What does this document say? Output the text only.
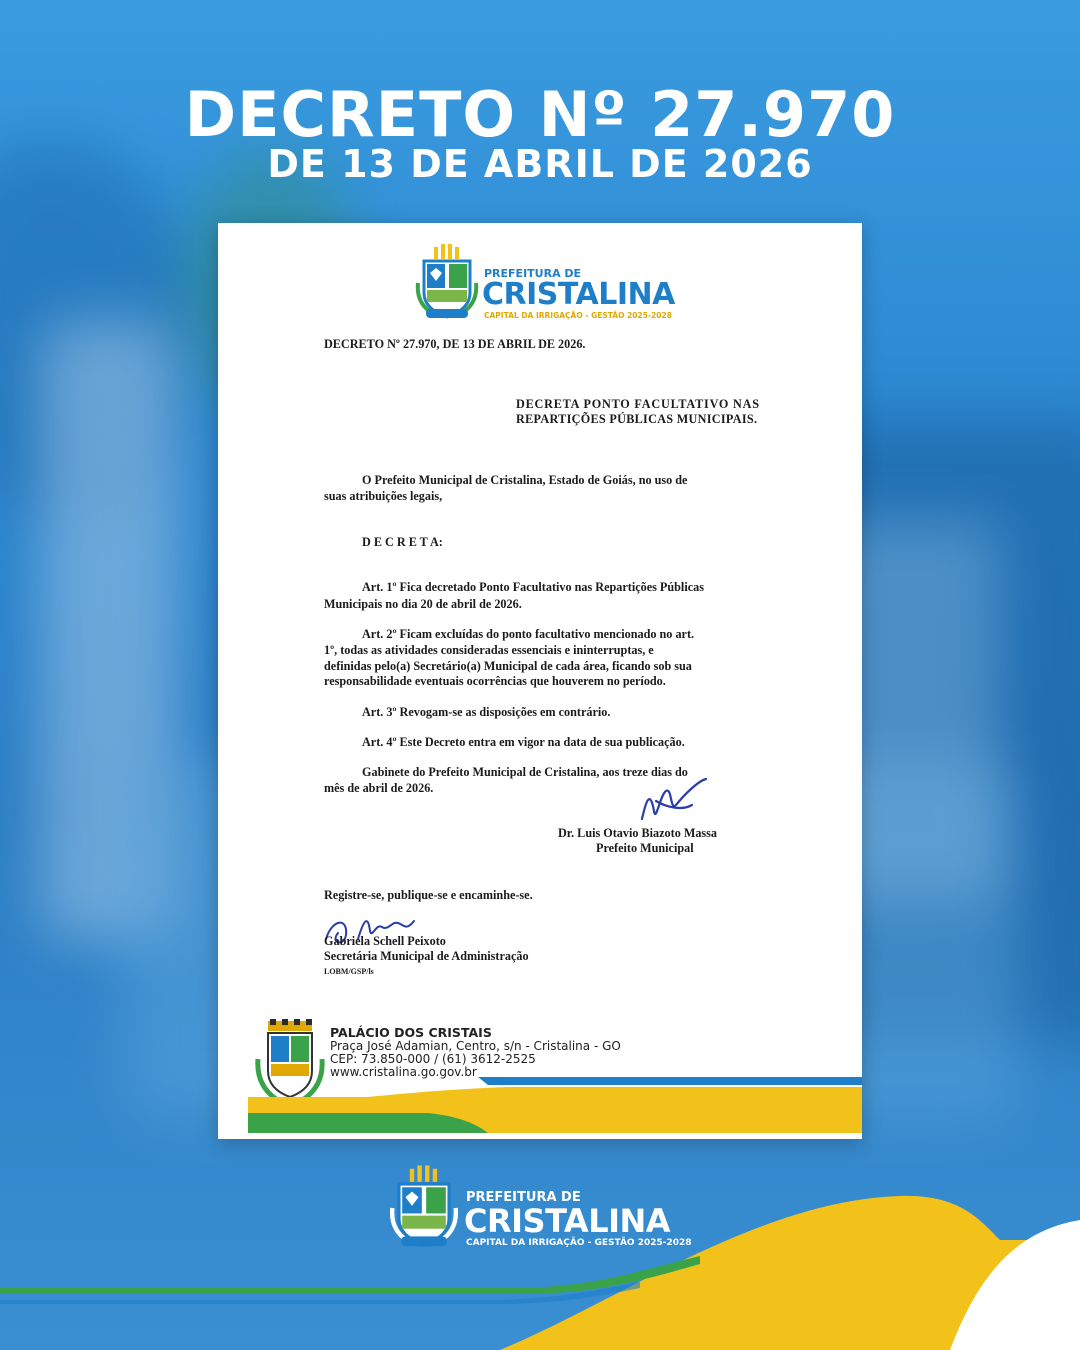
DECRETO Nº 27.970
DE 13 DE ABRIL DE 2026
PREFEITURA DE
CRISTALINA
CAPITAL DA IRRIGAÇÃO - GESTÃO 2025-2028
DECRETO Nº 27.970, DE 13 DE ABRIL DE 2026.
DECRETA PONTO FACULTATIVO NAS
REPARTIÇÕES PÚBLICAS MUNICIPAIS.
O Prefeito Municipal de Cristalina, Estado de Goiás, no uso de
suas atribuições legais,
D E C R E T A:
Art. 1º Fica decretado Ponto Facultativo nas Repartições Públicas
Municipais no dia 20 de abril de 2026.
Art. 2º Ficam excluídas do ponto facultativo mencionado no art.
1º, todas as atividades consideradas essenciais e ininterruptas, e
definidas pelo(a) Secretário(a) Municipal de cada área, ficando sob sua
responsabilidade eventuais ocorrências que houverem no período.
Art. 3º Revogam-se as disposições em contrário.
Art. 4º Este Decreto entra em vigor na data de sua publicação.
Gabinete do Prefeito Municipal de Cristalina, aos treze dias do
mês de abril de 2026.
Dr. Luis Otavio Biazoto Massa
Prefeito Municipal
Registre-se, publique-se e encaminhe-se.
Gabriela Schell Peixoto
Secretária Municipal de Administração
LOBM/GSP/ls
PALÁCIO DOS CRISTAIS
Praça José Adamian, Centro, s/n - Cristalina - GO
CEP: 73.850-000 / (61) 3612-2525
www.cristalina.go.gov.br
PREFEITURA DE
CRISTALINA
CAPITAL DA IRRIGAÇÃO - GESTÃO 2025-2028
